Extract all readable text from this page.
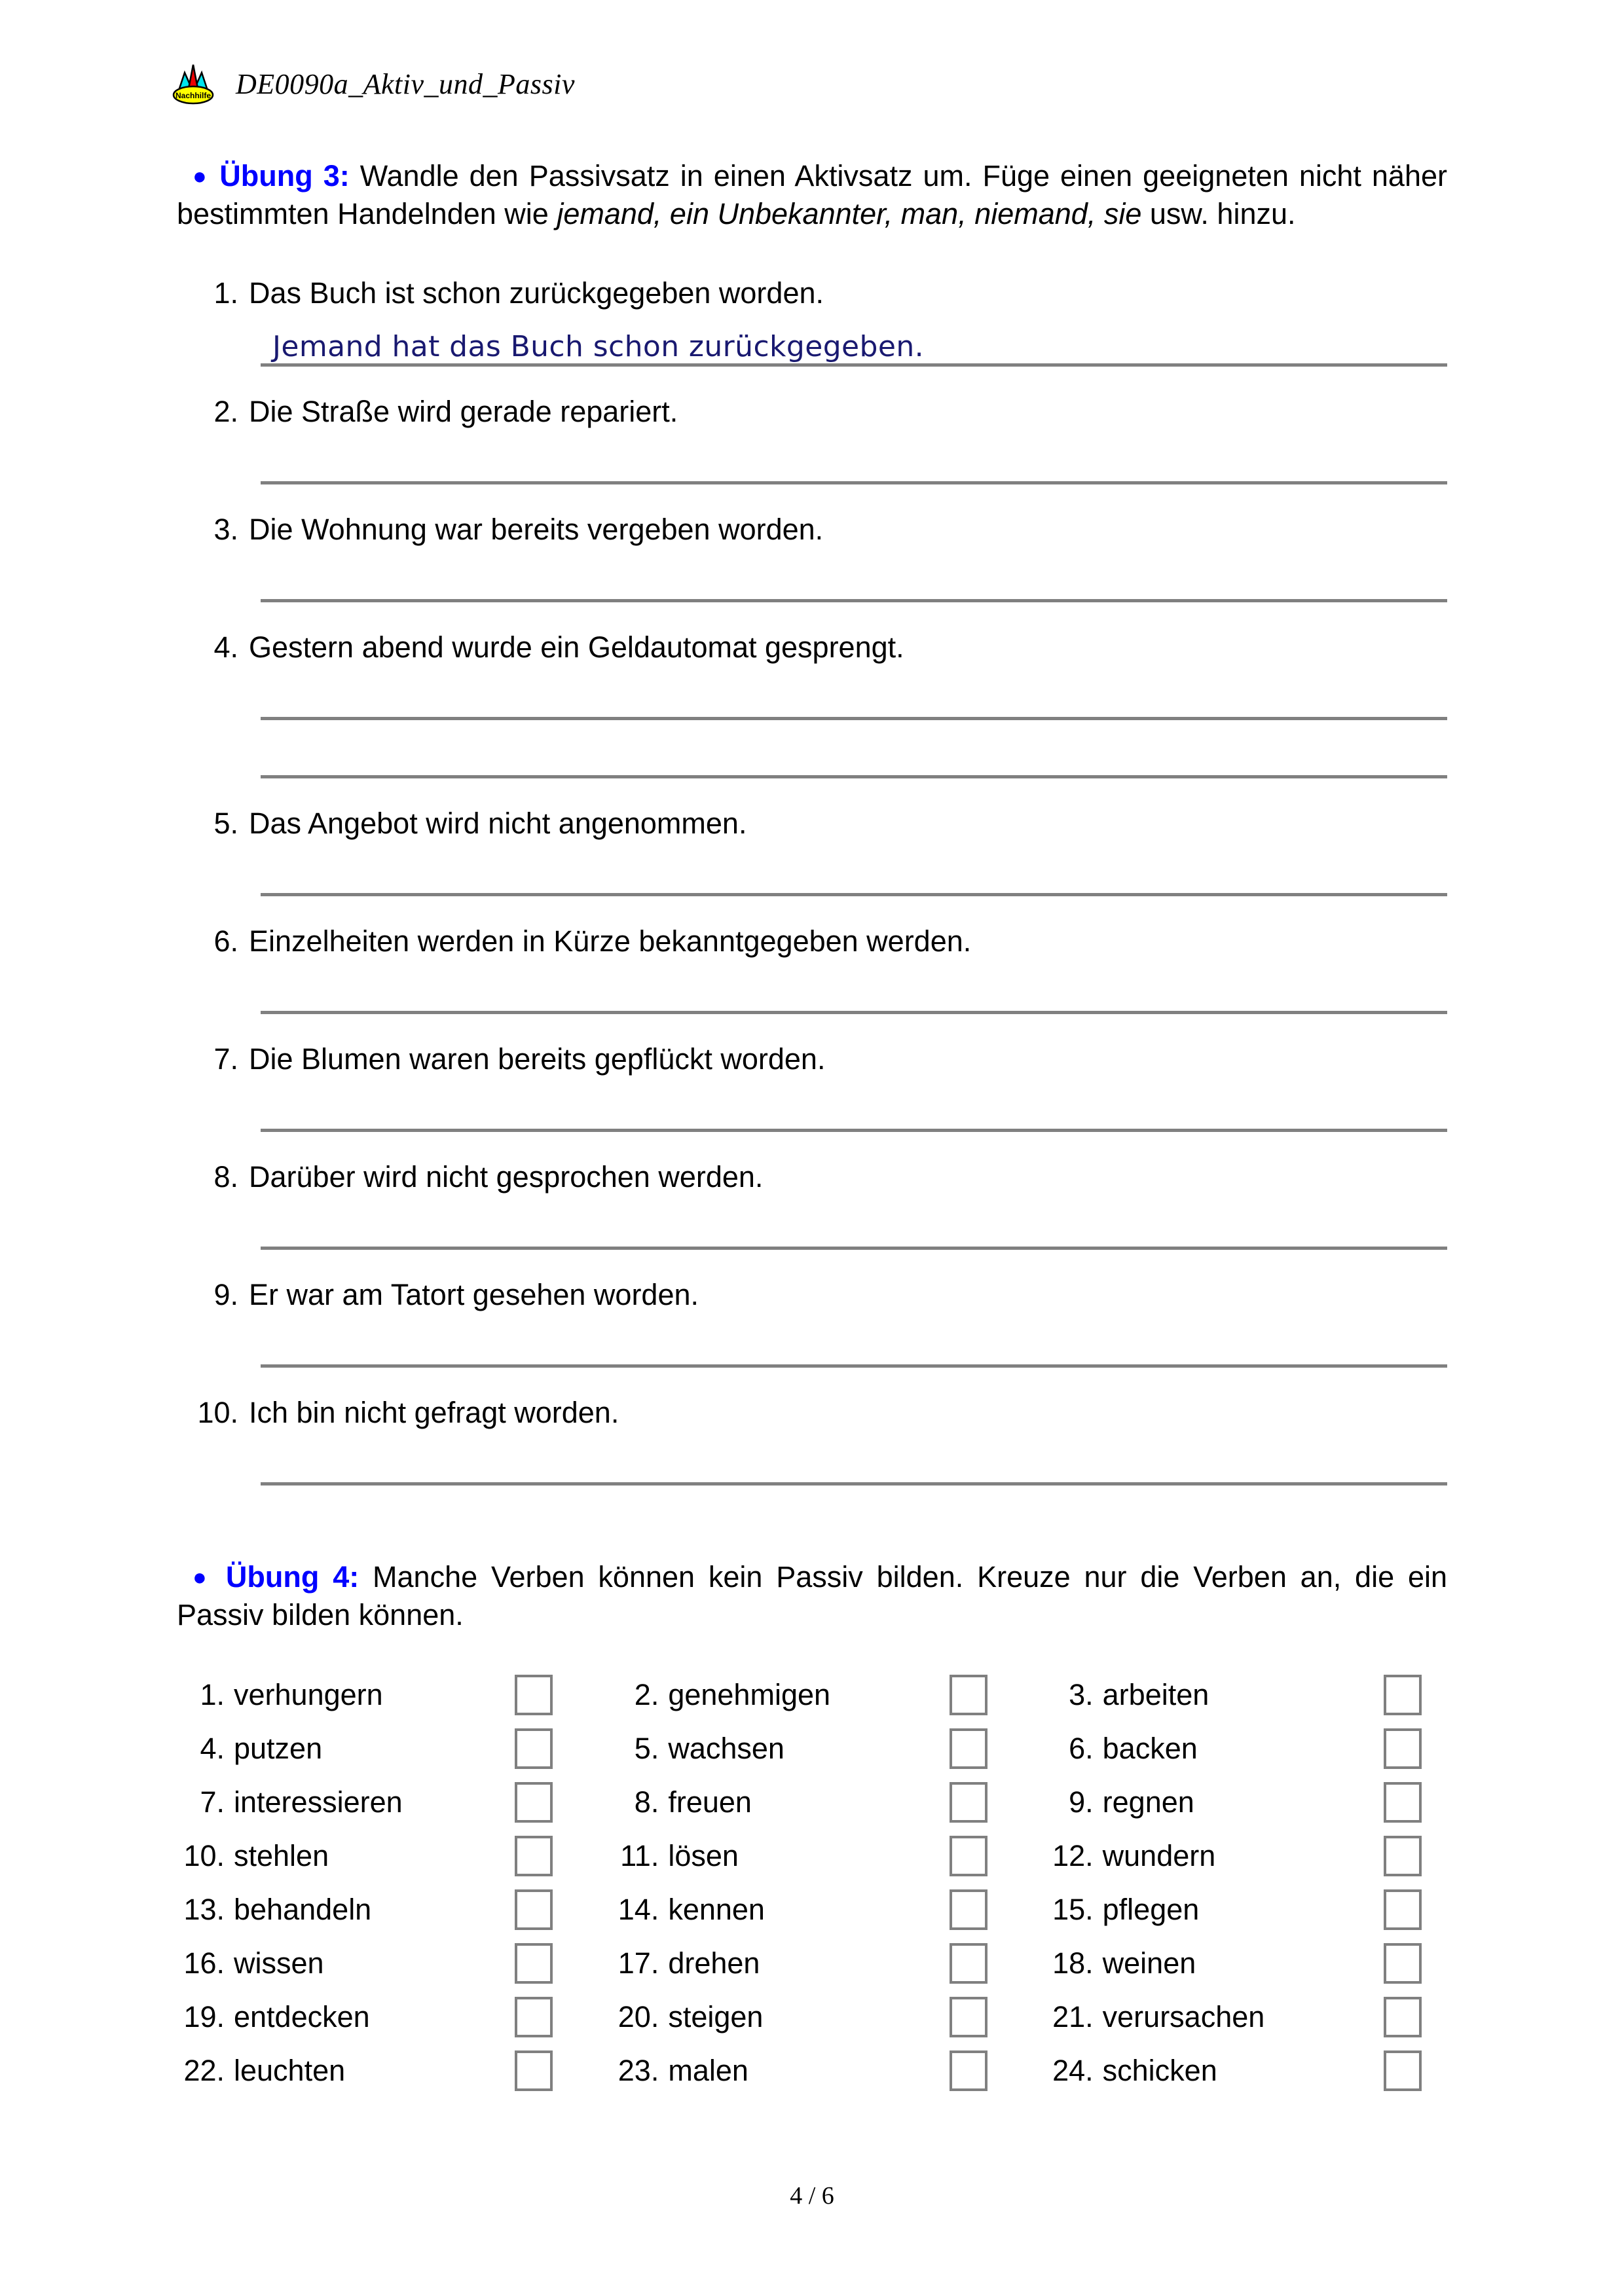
Nachhilfe DE0090a_Aktiv_und_Passiv

● Übung 3: Wandle den Passivsatz in einen Aktivsatz um. Füge einen geeigneten nicht näher bestimmten Handelnden wie jemand, ein Unbekannter, man, niemand, sie usw. hinzu.

1. Das Buch ist schon zurückgegeben worden.
Jemand hat das Buch schon zurückgegeben.
2. Die Straße wird gerade repariert.
3. Die Wohnung war bereits vergeben worden.
4. Gestern abend wurde ein Geldautomat gesprengt.
5. Das Angebot wird nicht angenommen.
6. Einzelheiten werden in Kürze bekanntgegeben werden.
7. Die Blumen waren bereits gepflückt worden.
8. Darüber wird nicht gesprochen werden.
9. Er war am Tatort gesehen worden.
10. Ich bin nicht gefragt worden.

● Übung 4: Manche Verben können kein Passiv bilden. Kreuze nur die Verben an, die ein Passiv bilden können.

1. verhungern	2. genehmigen	3. arbeiten
4. putzen	5. wachsen	6. backen
7. interessieren	8. freuen	9. regnen
10. stehlen	11. lösen	12. wundern
13. behandeln	14. kennen	15. pflegen
16. wissen	17. drehen	18. weinen
19. entdecken	20. steigen	21. verursachen
22. leuchten	23. malen	24. schicken
4 / 6
